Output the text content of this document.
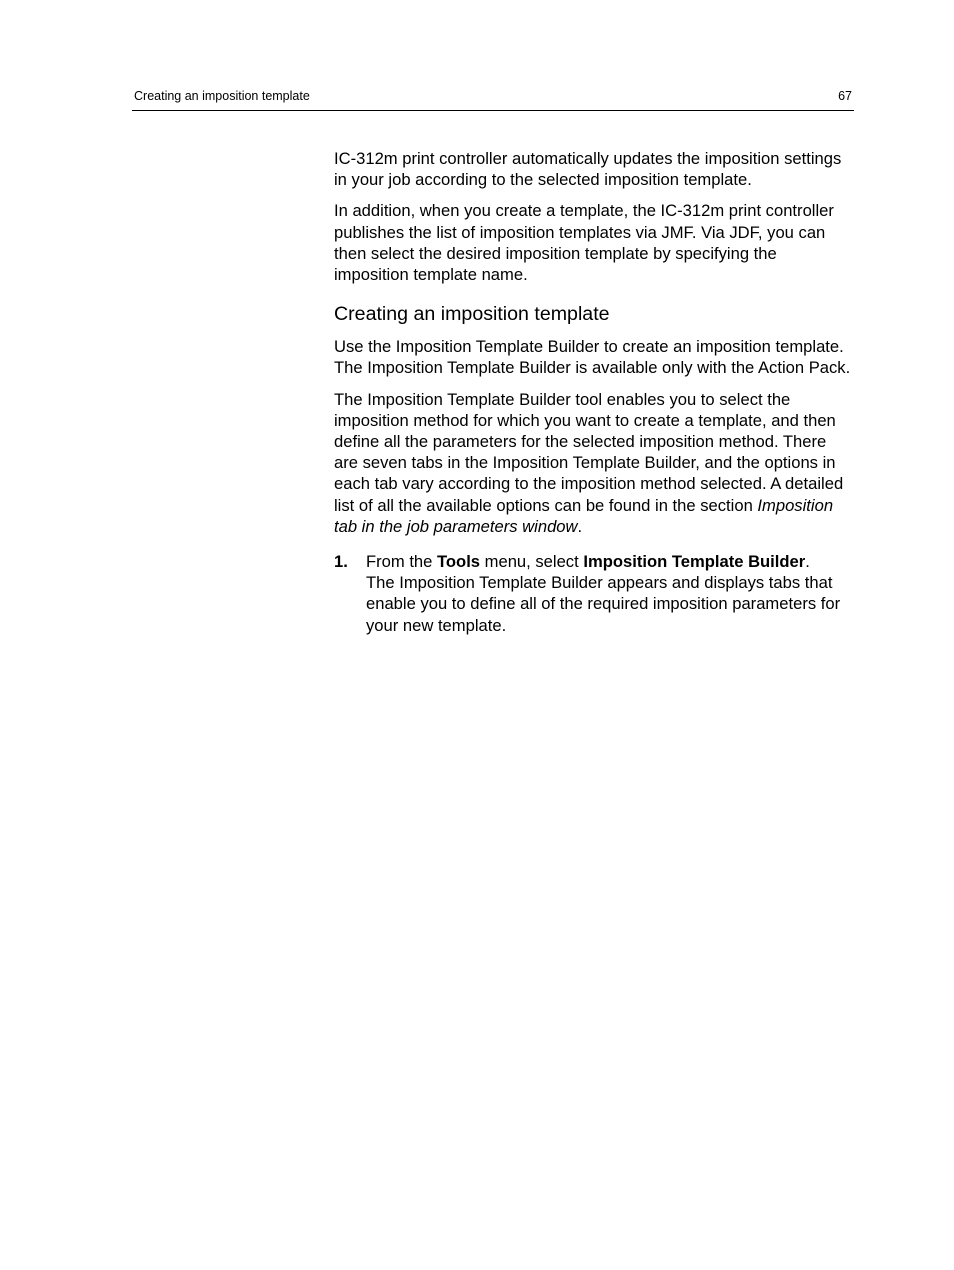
Creating an imposition template	67

IC-312m print controller automatically updates the imposition settings in your job according to the selected imposition template.

In addition, when you create a template, the IC-312m print controller publishes the list of imposition templates via JMF. Via JDF, you can then select the desired imposition template by specifying the imposition template name.

Creating an imposition template

Use the Imposition Template Builder to create an imposition template. The Imposition Template Builder is available only with the Action Pack.

The Imposition Template Builder tool enables you to select the imposition method for which you want to create a template, and then define all the parameters for the selected imposition method. There are seven tabs in the Imposition Template Builder, and the options in each tab vary according to the imposition method selected. A detailed list of all the available options can be found in the section Imposition tab in the job parameters window.

1. From the Tools menu, select Imposition Template Builder.
The Imposition Template Builder appears and displays tabs that enable you to define all of the required imposition parameters for your new template.
